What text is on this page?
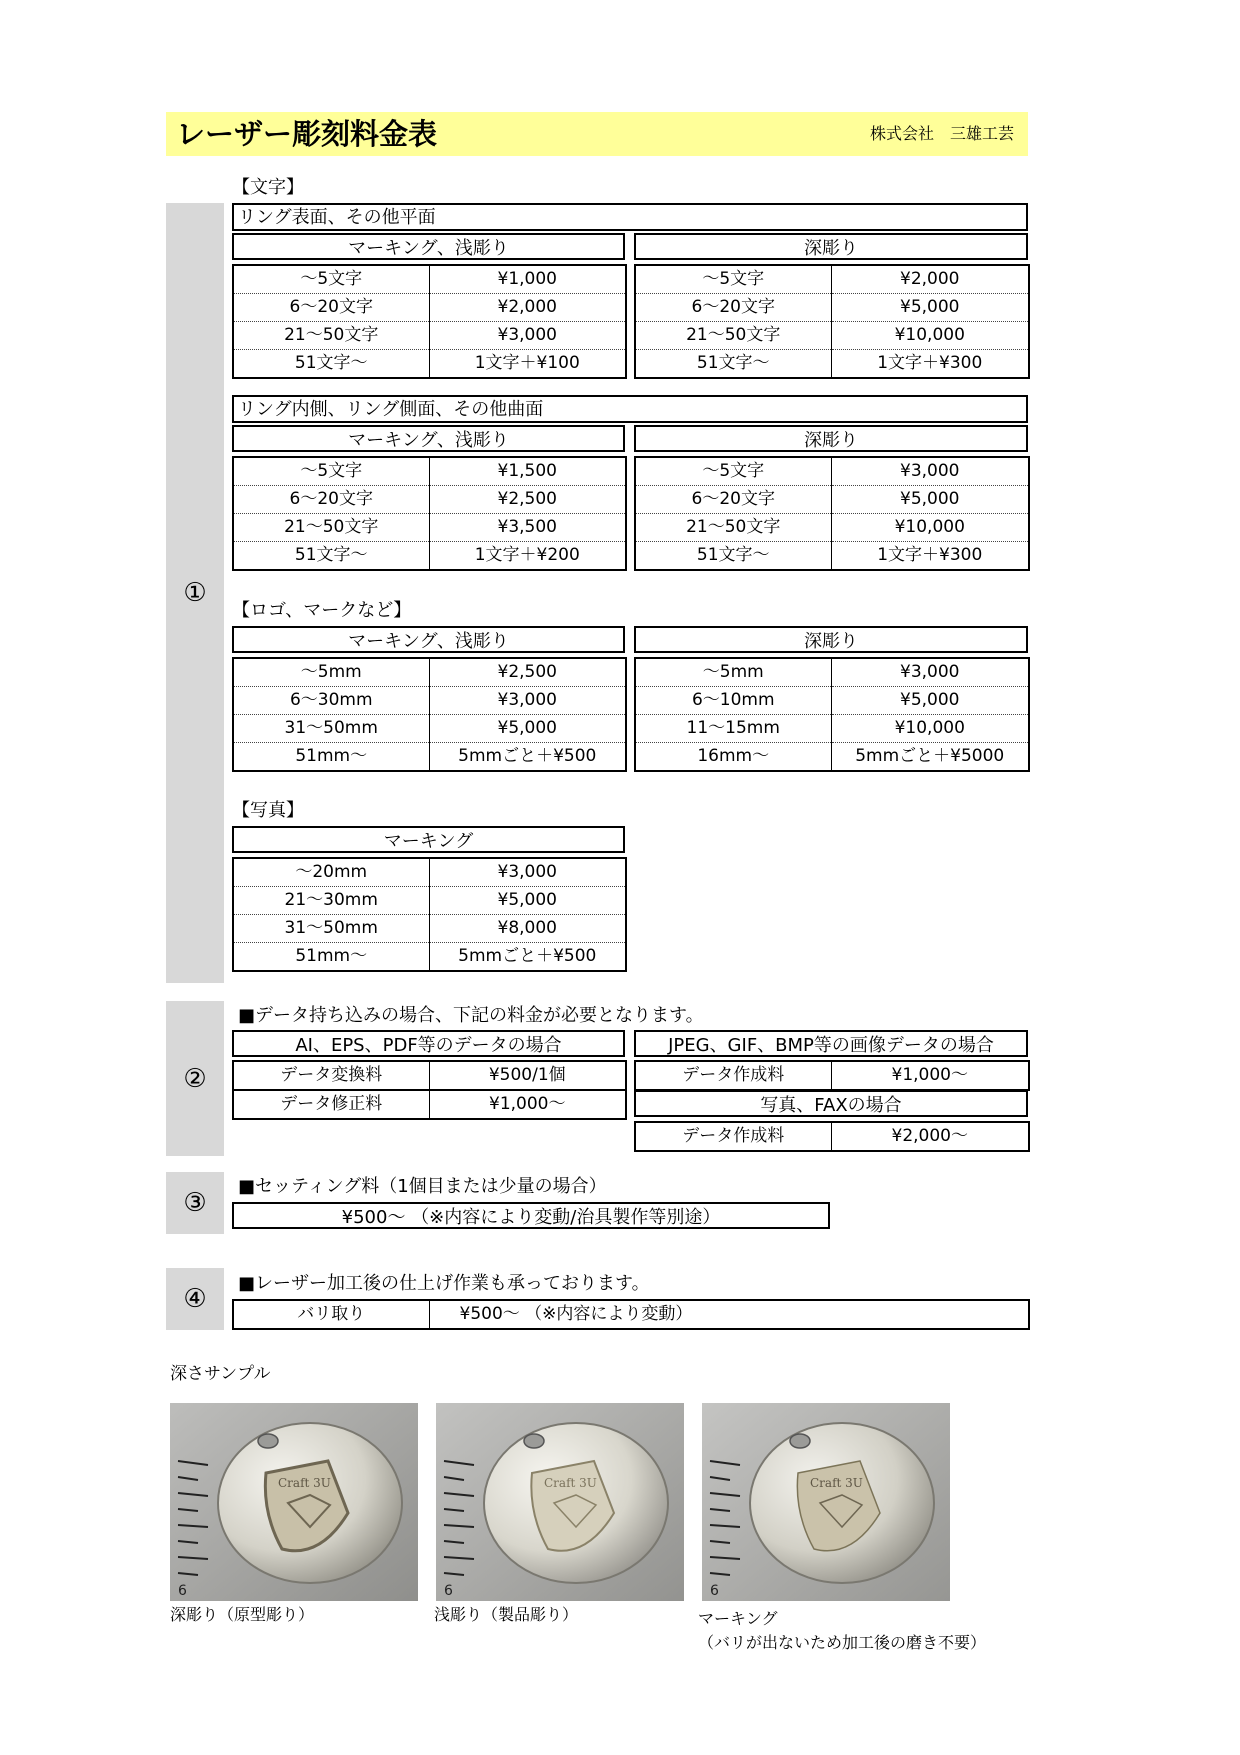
レーザー彫刻料金表	株式会社　三雄工芸
①
②
③
④
【文字】
リング表面、その他平面
マーキング、浅彫り	深彫り
～5文字	¥1,000
6～20文字	¥2,000
21～50文字	¥3,000
51文字～	1文字＋¥100
～5文字	¥2,000
6～20文字	¥5,000
21～50文字	¥10,000
51文字～	1文字＋¥300
リング内側、リング側面、その他曲面
マーキング、浅彫り	深彫り
～5文字	¥1,500
6～20文字	¥2,500
21～50文字	¥3,500
51文字～	1文字＋¥200
～5文字	¥3,000
6～20文字	¥5,000
21～50文字	¥10,000
51文字～	1文字＋¥300
【ロゴ、マークなど】
マーキング、浅彫り	深彫り
～5mm	¥2,500
6～30mm	¥3,000
31～50mm	¥5,000
51mm～	5mmごと＋¥500
～5mm	¥3,000
6～10mm	¥5,000
11～15mm	¥10,000
16mm～	5mmごと＋¥5000
【写真】
マーキング
～20mm	¥3,000
21～30mm	¥5,000
31～50mm	¥8,000
51mm～	5mmごと＋¥500
■データ持ち込みの場合、下記の料金が必要となります。
AI、EPS、PDF等のデータの場合
データ変換料	¥500/1個
データ修正料	¥1,000～
JPEG、GIF、BMP等の画像データの場合
データ作成料	¥1,000～
写真、FAXの場合
データ作成料	¥2,000～
■セッティング料（1個目または少量の場合）
¥500～ （※内容により変動/治具製作等別途）
■レーザー加工後の仕上げ作業も承っております。
バリ取り	¥500～ （※内容により変動）
深さサンプル
6
Craft 3U
6
Craft 3U
6
Craft 3U
深彫り（原型彫り）	浅彫り（製品彫り）	マーキング
（バリが出ないため加工後の磨き不要）
